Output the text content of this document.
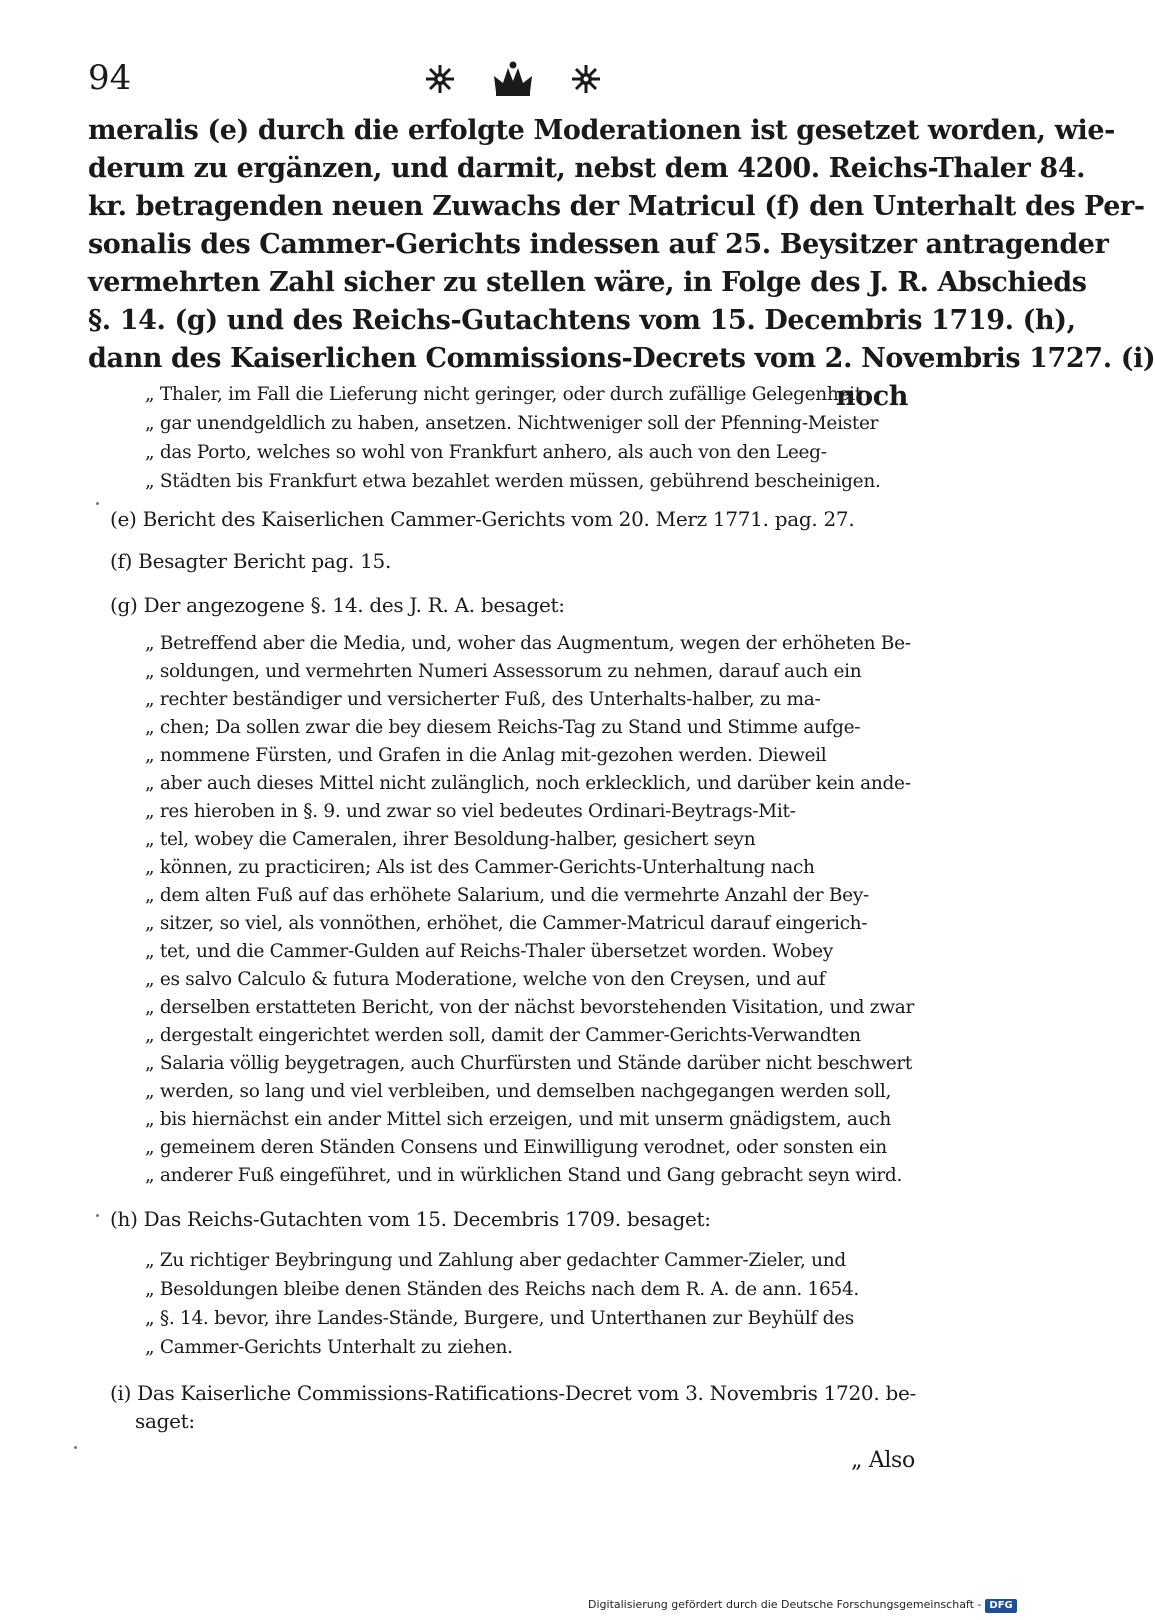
94
meralis (e) durch die erfolgte Moderationen ist gesetzet worden, wie-
derum zu ergänzen, und darmit, nebst dem 4200. Reichs-Thaler 84.
kr. betragenden neuen Zuwachs der Matricul (f) den Unterhalt des Per-
sonalis des Cammer-Gerichts indessen auf 25. Beysitzer antragender
vermehrten Zahl sicher zu stellen wäre, in Folge des J. R. Abschieds
§. 14. (g) und des Reichs-Gutachtens vom 15. Decembris 1719. (h),
dann des Kaiserlichen Commissions-Decrets vom 2. Novembris 1727. (i)
noch
„ Thaler, im Fall die Lieferung nicht geringer, oder durch zufällige Gelegenheit
„ gar unendgeldlich zu haben, ansetzen. Nichtweniger soll der Pfenning-Meister
„ das Porto, welches so wohl von Frankfurt anhero, als auch von den Leeg-
„ Städten bis Frankfurt etwa bezahlet werden müssen, gebührend bescheinigen.
(e) Bericht des Kaiserlichen Cammer-Gerichts vom 20. Merz 1771. pag. 27.
(f) Besagter Bericht pag. 15.
(g) Der angezogene §. 14. des J. R. A. besaget:
„ Betreffend aber die Media, und, woher das Augmentum, wegen der erhöheten Be-
„ soldungen, und vermehrten Numeri Assessorum zu nehmen, darauf auch ein
„ rechter beständiger und versicherter Fuß, des Unterhalts-halber, zu ma-
„ chen; Da sollen zwar die bey diesem Reichs-Tag zu Stand und Stimme aufge-
„ nommene Fürsten, und Grafen in die Anlag mit-gezohen werden. Dieweil
„ aber auch dieses Mittel nicht zulänglich, noch erklecklich, und darüber kein ande-
„ res hieroben in §. 9. und zwar so viel bedeutes Ordinari-Beytrags-Mit-
„ tel, wobey die Cameralen, ihrer Besoldung-halber, gesichert seyn
„ können, zu practiciren; Als ist des Cammer-Gerichts-Unterhaltung nach
„ dem alten Fuß auf das erhöhete Salarium, und die vermehrte Anzahl der Bey-
„ sitzer, so viel, als vonnöthen, erhöhet, die Cammer-Matricul darauf eingerich-
„ tet, und die Cammer-Gulden auf Reichs-Thaler übersetzet worden. Wobey
„ es salvo Calculo & futura Moderatione, welche von den Creysen, und auf
„ derselben erstatteten Bericht, von der nächst bevorstehenden Visitation, und zwar
„ dergestalt eingerichtet werden soll, damit der Cammer-Gerichts-Verwandten
„ Salaria völlig beygetragen, auch Churfürsten und Stände darüber nicht beschwert
„ werden, so lang und viel verbleiben, und demselben nachgegangen werden soll,
„ bis hiernächst ein ander Mittel sich erzeigen, und mit unserm gnädigstem, auch
„ gemeinem deren Ständen Consens und Einwilligung verodnet, oder sonsten ein
„ anderer Fuß eingeführet, und in würklichen Stand und Gang gebracht seyn wird.
(h) Das Reichs-Gutachten vom 15. Decembris 1709. besaget:
„ Zu richtiger Beybringung und Zahlung aber gedachter Cammer-Zieler, und
„ Besoldungen bleibe denen Ständen des Reichs nach dem R. A. de ann. 1654.
„ §. 14. bevor, ihre Landes-Stände, Burgere, und Unterthanen zur Beyhülf des
„ Cammer-Gerichts Unterhalt zu ziehen.
(i) Das Kaiserliche Commissions-Ratifications-Decret vom 3. Novembris 1720. be-
saget:
„ Also
Digitalisierung gefördert durch die Deutsche Forschungsgemeinschaft - DFG
